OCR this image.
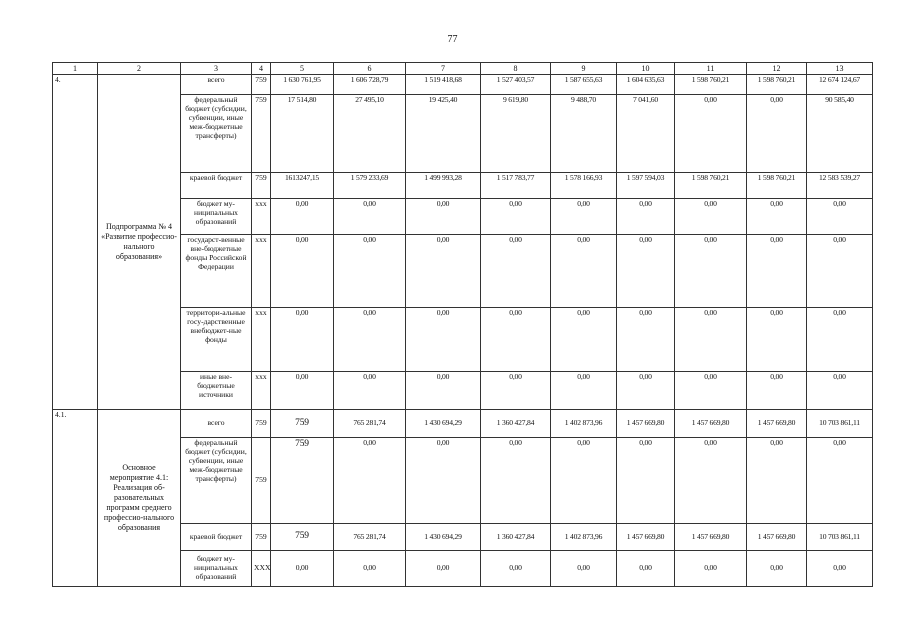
77
1	2	3	4	5	6	7	8	9	10	11	12	13
4.	Подпрограмма № 4 «Развитие профессио-нального образования»	всего	759	1 630 761,95	1 606 728,79	1 519 418,68	1 527 403,57	1 587 655,63	1 604 635,63	1 598 760,21	1 598 760,21	12 674 124,67
		федеральный бюджет (субсидии, субвенции, иные меж-бюджетные трансферты)	759	17 514,80	27 495,10	19 425,40	9 619,80	9 488,70	7 041,60	0,00	0,00	90 585,40
		краевой бюджет	759	1613247,15	1 579 233,69	1 499 993,28	1 517 783,77	1 578 166,93	1 597 594,03	1 598 760,21	1 598 760,21	12 583 539,27
		бюджет му-ниципальных образований	ххх	0,00	0,00	0,00	0,00	0,00	0,00	0,00	0,00	0,00
		государст-венные вне-бюджетные фонды Российской Федерации	ххх	0,00	0,00	0,00	0,00	0,00	0,00	0,00	0,00	0,00
		территори-альные госу-дарственные внебюджет-ные фонды	ххх	0,00	0,00	0,00	0,00	0,00	0,00	0,00	0,00	0,00
		иные вне-бюджетные источники	ххх	0,00	0,00	0,00	0,00	0,00	0,00	0,00	0,00	0,00
4.1.	Основное мероприятие 4.1: Реализация об-разовательных программ среднего профессио-нального образования	всего	759	759	765 281,74	1 430 694,29	1 360 427,84	1 402 873,96	1 457 669,80	1 457 669,80	1 457 669,80	10 703 861,11
		федеральный бюджет (субсидии, субвенции, иные меж-бюджетные трансферты)	759	759	0,00	0,00	0,00	0,00	0,00	0,00	0,00	0,00
		краевой бюджет	759	759	765 281,74	1 430 694,29	1 360 427,84	1 402 873,96	1 457 669,80	1 457 669,80	1 457 669,80	10 703 861,11
		бюджет му-ниципальных образований	ХХХ	0,00	0,00	0,00	0,00	0,00	0,00	0,00	0,00	0,00
